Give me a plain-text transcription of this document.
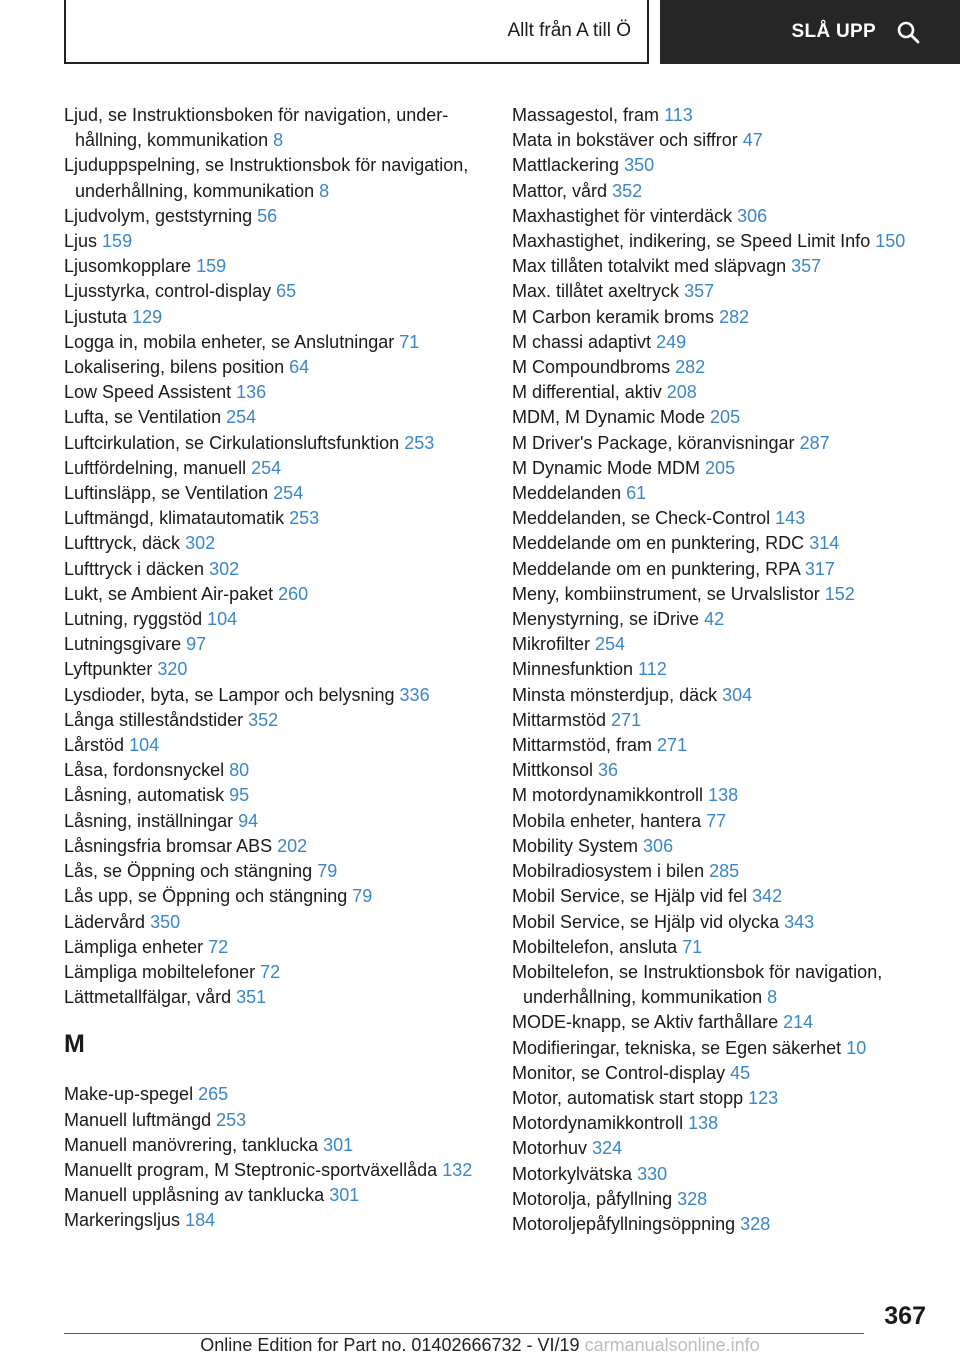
Allt från A till Ö	SLÅ UPP
Ljud, se Instruktionsboken för navigation, underhållning, kommunikation 8
Ljuduppspelning, se Instruktionsbok för navigation, underhållning, kommunikation 8
Ljudvolym, geststyrning 56
Ljus 159
Ljusomkopplare 159
Ljusstyrka, control-display 65
Ljustuta 129
Logga in, mobila enheter, se Anslutningar 71
Lokalisering, bilens position 64
Low Speed Assistent 136
Lufta, se Ventilation 254
Luftcirkulation, se Cirkulationsluftsfunktion 253
Luftfördelning, manuell 254
Luftinsläpp, se Ventilation 254
Luftmängd, klimatautomatik 253
Lufttryck, däck 302
Lufttryck i däcken 302
Lukt, se Ambient Air-paket 260
Lutning, ryggstöd 104
Lutningsgivare 97
Lyftpunkter 320
Lysdioder, byta, se Lampor och belysning 336
Långa stilleståndstider 352
Lårstöd 104
Låsa, fordonsnyckel 80
Låsning, automatisk 95
Låsning, inställningar 94
Låsningsfria bromsar ABS 202
Lås, se Öppning och stängning 79
Lås upp, se Öppning och stängning 79
Lädervård 350
Lämpliga enheter 72
Lämpliga mobiltelefoner 72
Lättmetallfälgar, vård 351
M
Make-up-spegel 265
Manuell luftmängd 253
Manuell manövrering, tanklucka 301
Manuellt program, M Steptronic-sportväxellåda 132
Manuell upplåsning av tanklucka 301
Markeringsljus 184
Massagestol, fram 113
Mata in bokstäver och siffror 47
Mattlackering 350
Mattor, vård 352
Maxhastighet för vinterdäck 306
Maxhastighet, indikering, se Speed Limit Info 150
Max tillåten totalvikt med släpvagn 357
Max. tillåtet axeltryck 357
M Carbon keramik broms 282
M chassi adaptivt 249
M Compoundbroms 282
M differential, aktiv 208
MDM, M Dynamic Mode 205
M Driver's Package, köranvisningar 287
M Dynamic Mode MDM 205
Meddelanden 61
Meddelanden, se Check-Control 143
Meddelande om en punktering, RDC 314
Meddelande om en punktering, RPA 317
Meny, kombiinstrument, se Urvalslistor 152
Menystyrning, se iDrive 42
Mikrofilter 254
Minnesfunktion 112
Minsta mönsterdjup, däck 304
Mittarmstöd 271
Mittarmstöd, fram 271
Mittkonsol 36
M motordynamikkontroll 138
Mobila enheter, hantera 77
Mobility System 306
Mobilradiosystem i bilen 285
Mobil Service, se Hjälp vid fel 342
Mobil Service, se Hjälp vid olycka 343
Mobiltelefon, ansluta 71
Mobiltelefon, se Instruktionsbok för navigation, underhållning, kommunikation 8
MODE-knapp, se Aktiv farthållare 214
Modifieringar, tekniska, se Egen säkerhet 10
Monitor, se Control-display 45
Motor, automatisk start stopp 123
Motordynamikkontroll 138
Motorhuv 324
Motorkylvätska 330
Motorolja, påfyllning 328
Motoroljepåfyllningsöppning 328
367
Online Edition for Part no. 01402666732 - VI/19 carmanualsonline.info
